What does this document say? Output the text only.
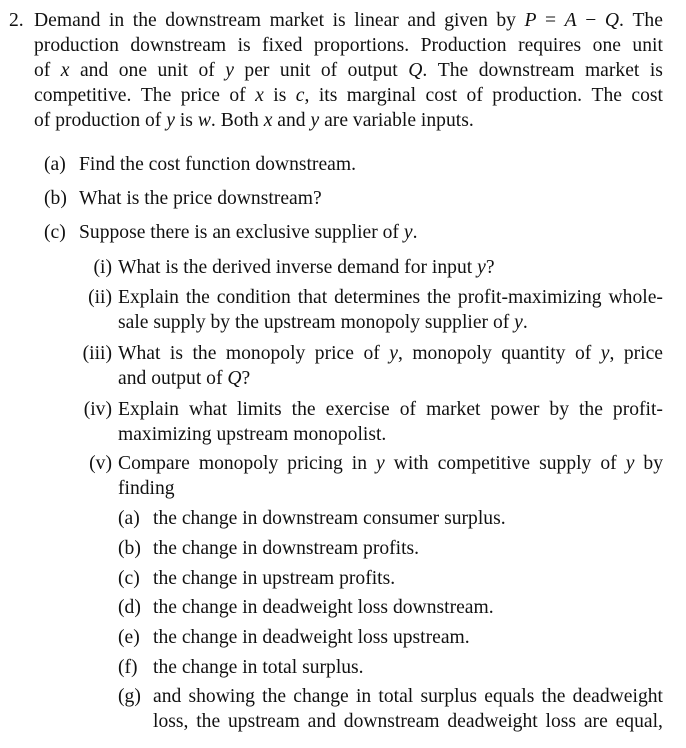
2. Demand in the downstream market is linear and given by P = A − Q. The
production downstream is fixed proportions. Production requires one unit
of x and one unit of y per unit of output Q. The downstream market is
competitive. The price of x is c, its marginal cost of production. The cost
of production of y is w. Both x and y are variable inputs.
(a) Find the cost function downstream.
(b) What is the price downstream?
(c) Suppose there is an exclusive supplier of y.
(i) What is the derived inverse demand for input y?
(ii) Explain the condition that determines the profit-maximizing whole-
sale supply by the upstream monopoly supplier of y.
(iii) What is the monopoly price of y, monopoly quantity of y, price
and output of Q?
(iv) Explain what limits the exercise of market power by the profit-
maximizing upstream monopolist.
(v) Compare monopoly pricing in y with competitive supply of y by
finding
(a) the change in downstream consumer surplus.
(b) the change in downstream profits.
(c) the change in upstream profits.
(d) the change in deadweight loss downstream.
(e) the change in deadweight loss upstream.
(f) the change in total surplus.
(g) and showing the change in total surplus equals the deadweight
loss, the upstream and downstream deadweight loss are equal,
